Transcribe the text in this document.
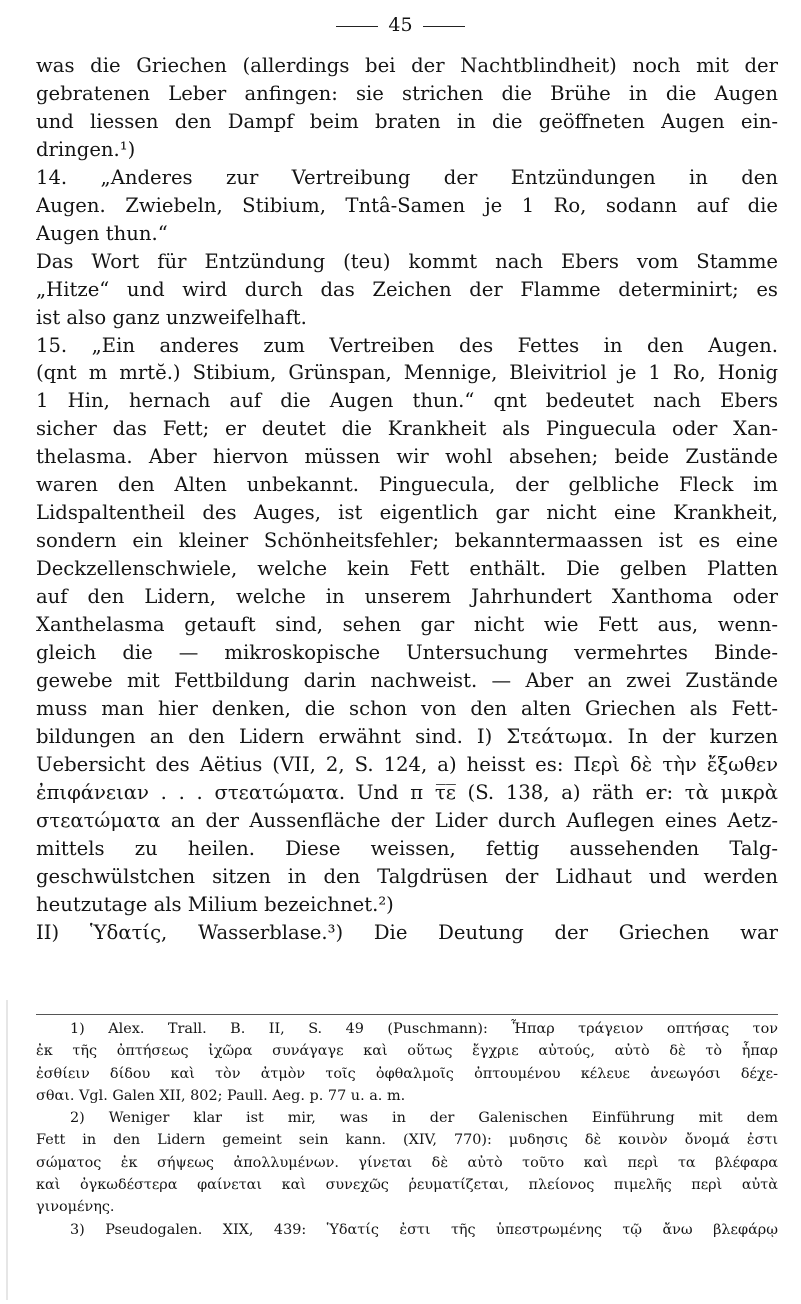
45
was die Griechen (allerdings bei der Nachtblindheit) noch mit der
gebratenen Leber anfingen: sie strichen die Brühe in die Augen
und liessen den Dampf beim braten in die geöffneten Augen ein-
dringen.¹)
14. „Anderes zur Vertreibung der Entzündungen in den
Augen. Zwiebeln, Stibium, Tntâ-Samen je 1 Ro, sodann auf die
Augen thun.“
Das Wort für Entzündung (teu) kommt nach Ebers vom Stamme
„Hitze“ und wird durch das Zeichen der Flamme determinirt; es
ist also ganz unzweifelhaft.
15. „Ein anderes zum Vertreiben des Fettes in den Augen.
(qnt m mrtĕ.) Stibium, Grünspan, Mennige, Bleivitriol je 1 Ro, Honig
1 Hin, hernach auf die Augen thun.“ qnt bedeutet nach Ebers
sicher das Fett; er deutet die Krankheit als Pinguecula oder Xan-
thelasma. Aber hiervon müssen wir wohl absehen; beide Zustände
waren den Alten unbekannt. Pinguecula, der gelbliche Fleck im
Lidspaltentheil des Auges, ist eigentlich gar nicht eine Krankheit,
sondern ein kleiner Schönheitsfehler; bekanntermaassen ist es eine
Deckzellenschwiele, welche kein Fett enthält. Die gelben Platten
auf den Lidern, welche in unserem Jahrhundert Xanthoma oder
Xanthelasma getauft sind, sehen gar nicht wie Fett aus, wenn-
gleich die — mikroskopische Untersuchung vermehrtes Binde-
gewebe mit Fettbildung darin nachweist. — Aber an zwei Zustände
muss man hier denken, die schon von den alten Griechen als Fett-
bildungen an den Lidern erwähnt sind. I) Στεάτωμα. In der kurzen
Uebersicht des Aëtius (VII, 2, S. 124, a) heisst es: Περὶ δὲ τὴν ἔξωθεν
ἐπιφάνειαν . . . στεατώματα. Und π τ̅ε̅ (S. 138, a) räth er: τὰ μικρὰ
στεατώματα an der Aussenfläche der Lider durch Auflegen eines Aetz-
mittels zu heilen. Diese weissen, fettig aussehenden Talg-
geschwülstchen sitzen in den Talgdrüsen der Lidhaut und werden
heutzutage als Milium bezeichnet.²)
II) Ὑδατίς, Wasserblase.³) Die Deutung der Griechen war
1) Alex. Trall. B. II, S. 49 (Puschmann): Ἧπαρ τράγειον οπτήσας τον
ἐκ τῆς ὀπτήσεως ἰχῶρα συνάγαγε καὶ οὕτως ἔγχριε αὐτούς, αὐτὸ δὲ τὸ ἧπαρ
ἐσθίειν δίδου καὶ τὸν ἀτμὸν τοῖς ὀφθαλμοῖς ὀπτουμένου κέλευε ἀνεωγόσι δέχε-
σθαι. Vgl. Galen XII, 802; Paull. Aeg. p. 77 u. a. m.
2) Weniger klar ist mir, was in der Galenischen Einführung mit dem
Fett in den Lidern gemeint sein kann. (XIV, 770): μυδησις δὲ κοινὸν ὄνομά ἐστι
σώματος ἐκ σήψεως ἀπολλυμένων. γίνεται δὲ αὐτὸ τοῦτο καὶ περὶ τα βλέφαρα
καὶ ὀγκωδέστερα φαίνεται καὶ συνεχῶς ῥευματίζεται, πλείονος πιμελῆς περὶ αὐτὰ
γινομένης.
3) Pseudogalen. XIX, 439: Ὑδατίς ἐστι τῆς ὑπεστρωμένης τῷ ἄνω βλεφάρῳ
